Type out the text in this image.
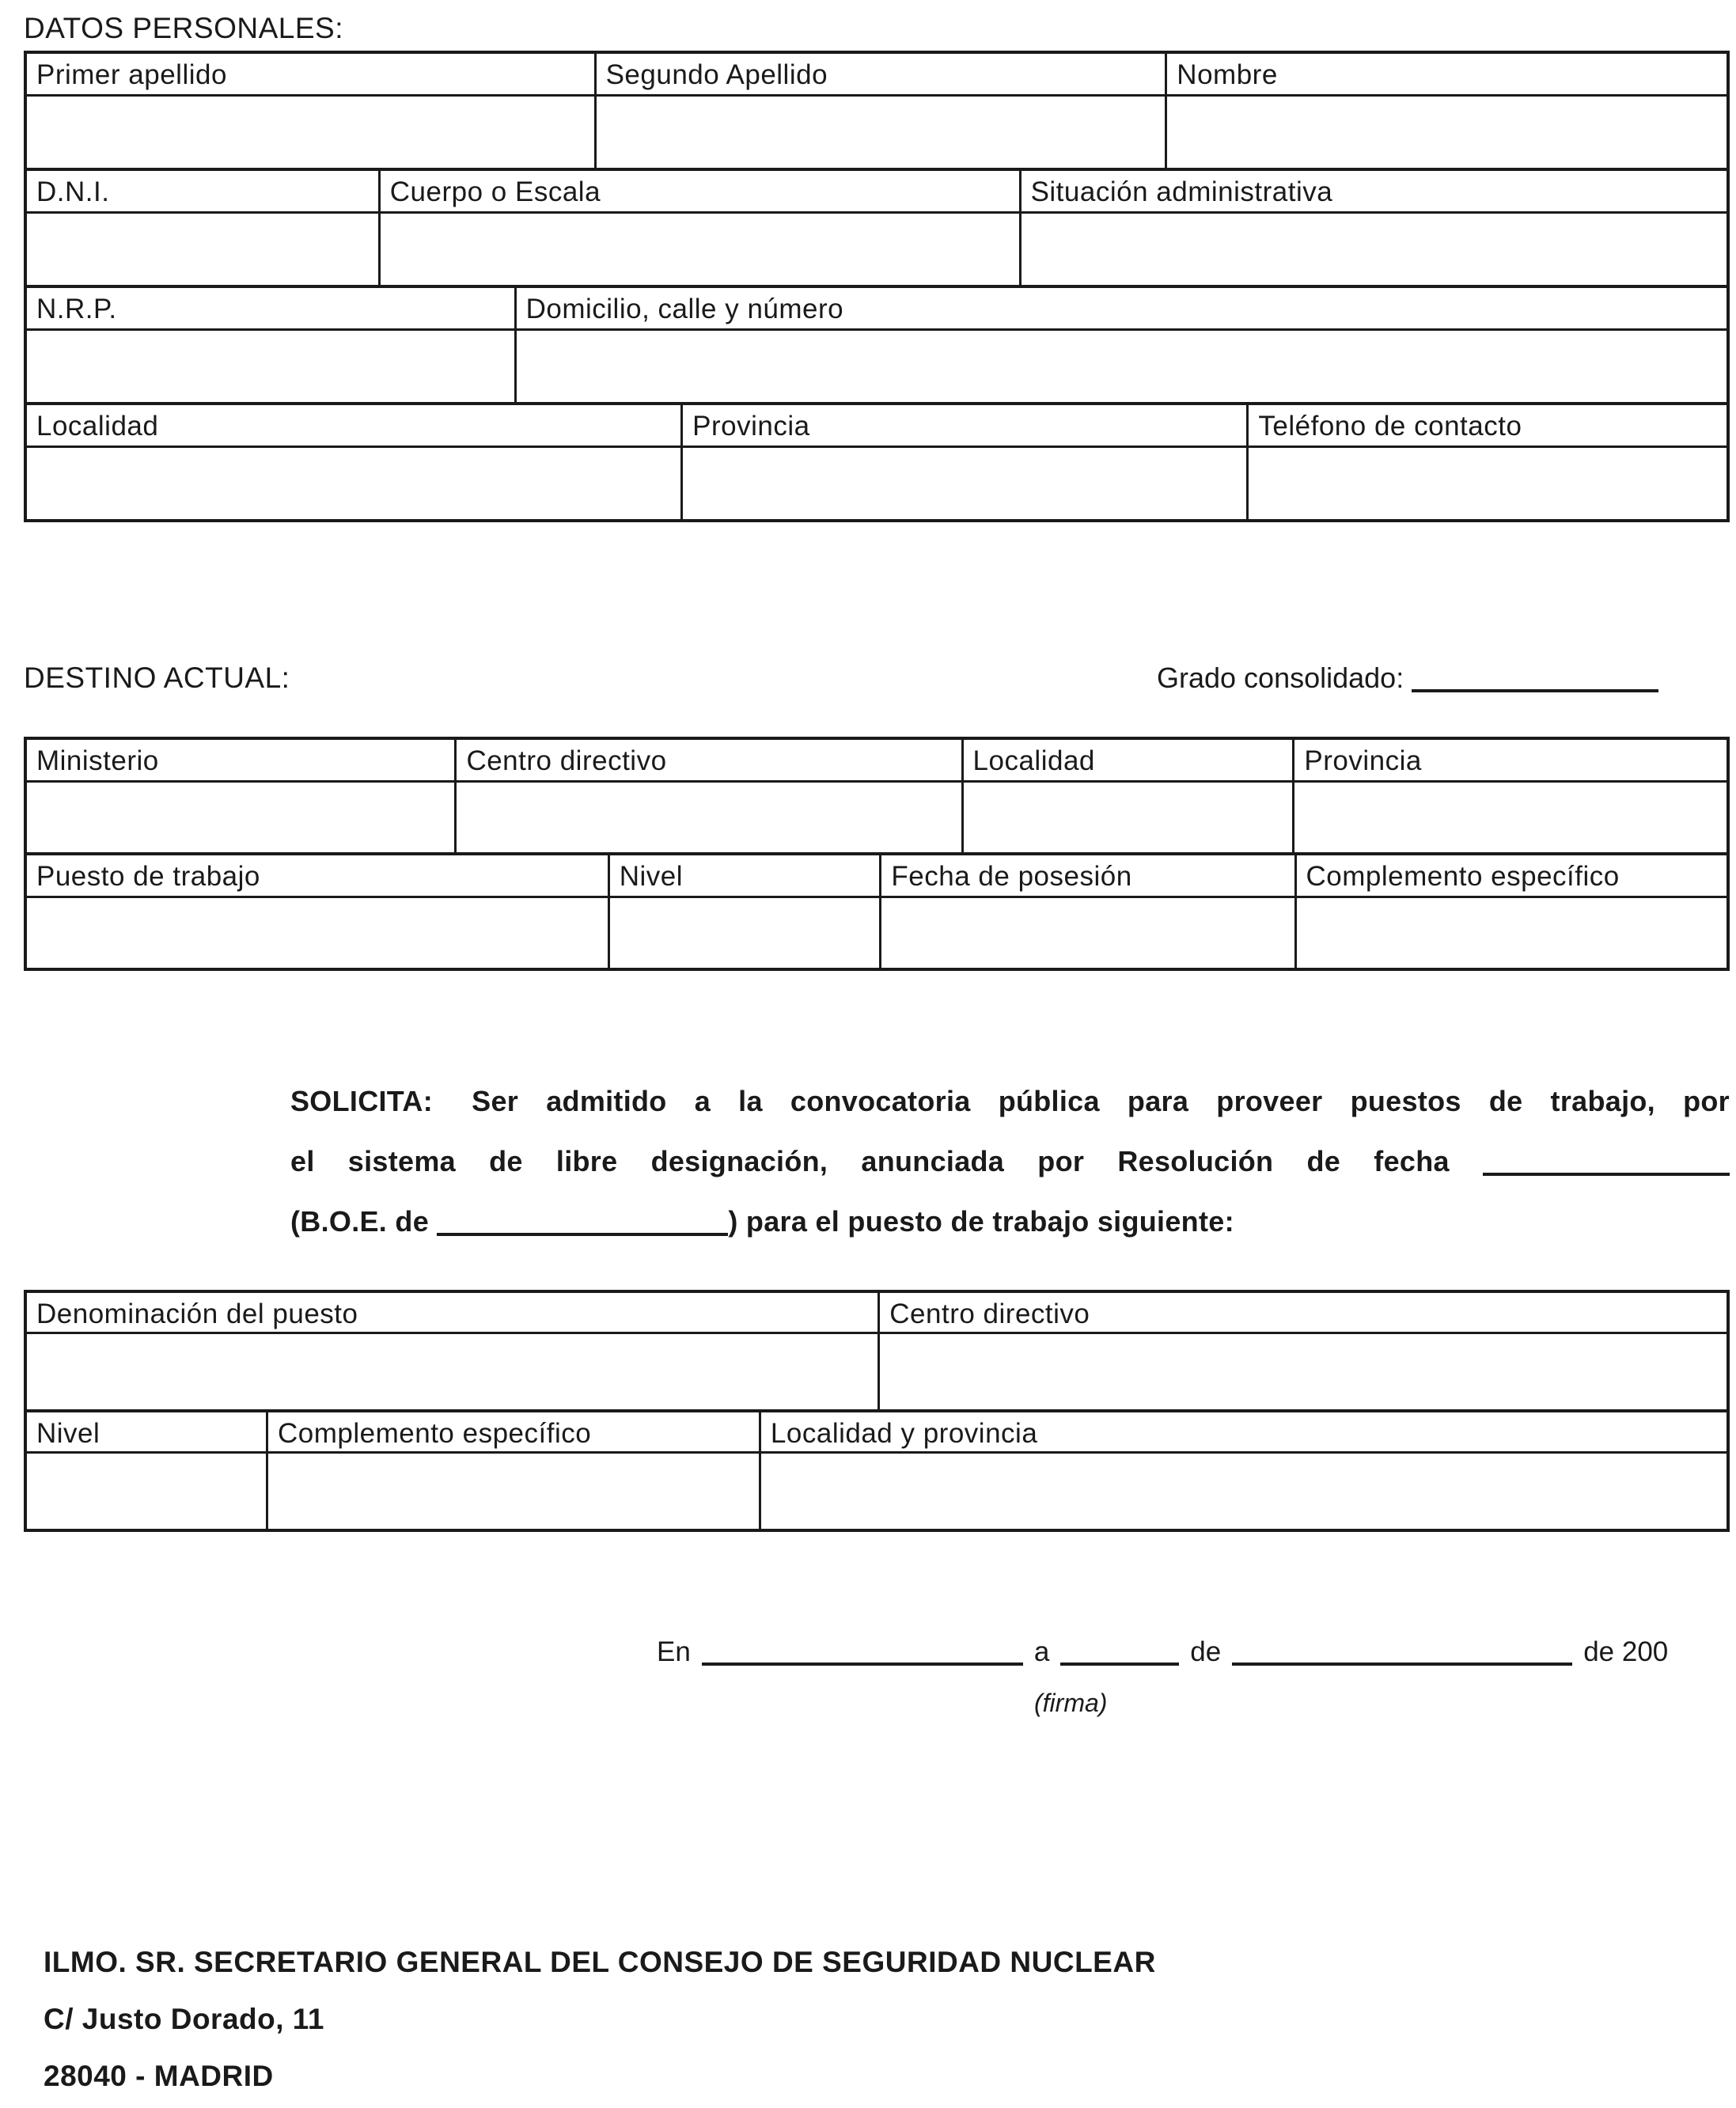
DATOS PERSONALES:
Primer apellido	Segundo Apellido	Nombre
D.N.I.	Cuerpo o Escala	Situación administrativa
N.R.P.	Domicilio, calle y número
Localidad	Provincia	Teléfono de contacto
DESTINO ACTUAL:	Grado consolidado:
Ministerio	Centro directivo	Localidad	Provincia
Puesto de trabajo	Nivel	Fecha de posesión	Complemento específico
SOLICITA: Ser admitido a la convocatoria pública para proveer puestos de trabajo, por
el sistema de libre designación, anunciada por Resolución de fecha
(B.O.E. de	) para el puesto de trabajo siguiente:
Denominación del puesto	Centro directivo
Nivel	Complemento específico	Localidad y provincia
En	a	de	de 200
(firma)
ILMO. SR. SECRETARIO GENERAL DEL CONSEJO DE SEGURIDAD NUCLEAR
C/ Justo Dorado, 11
28040 - MADRID
